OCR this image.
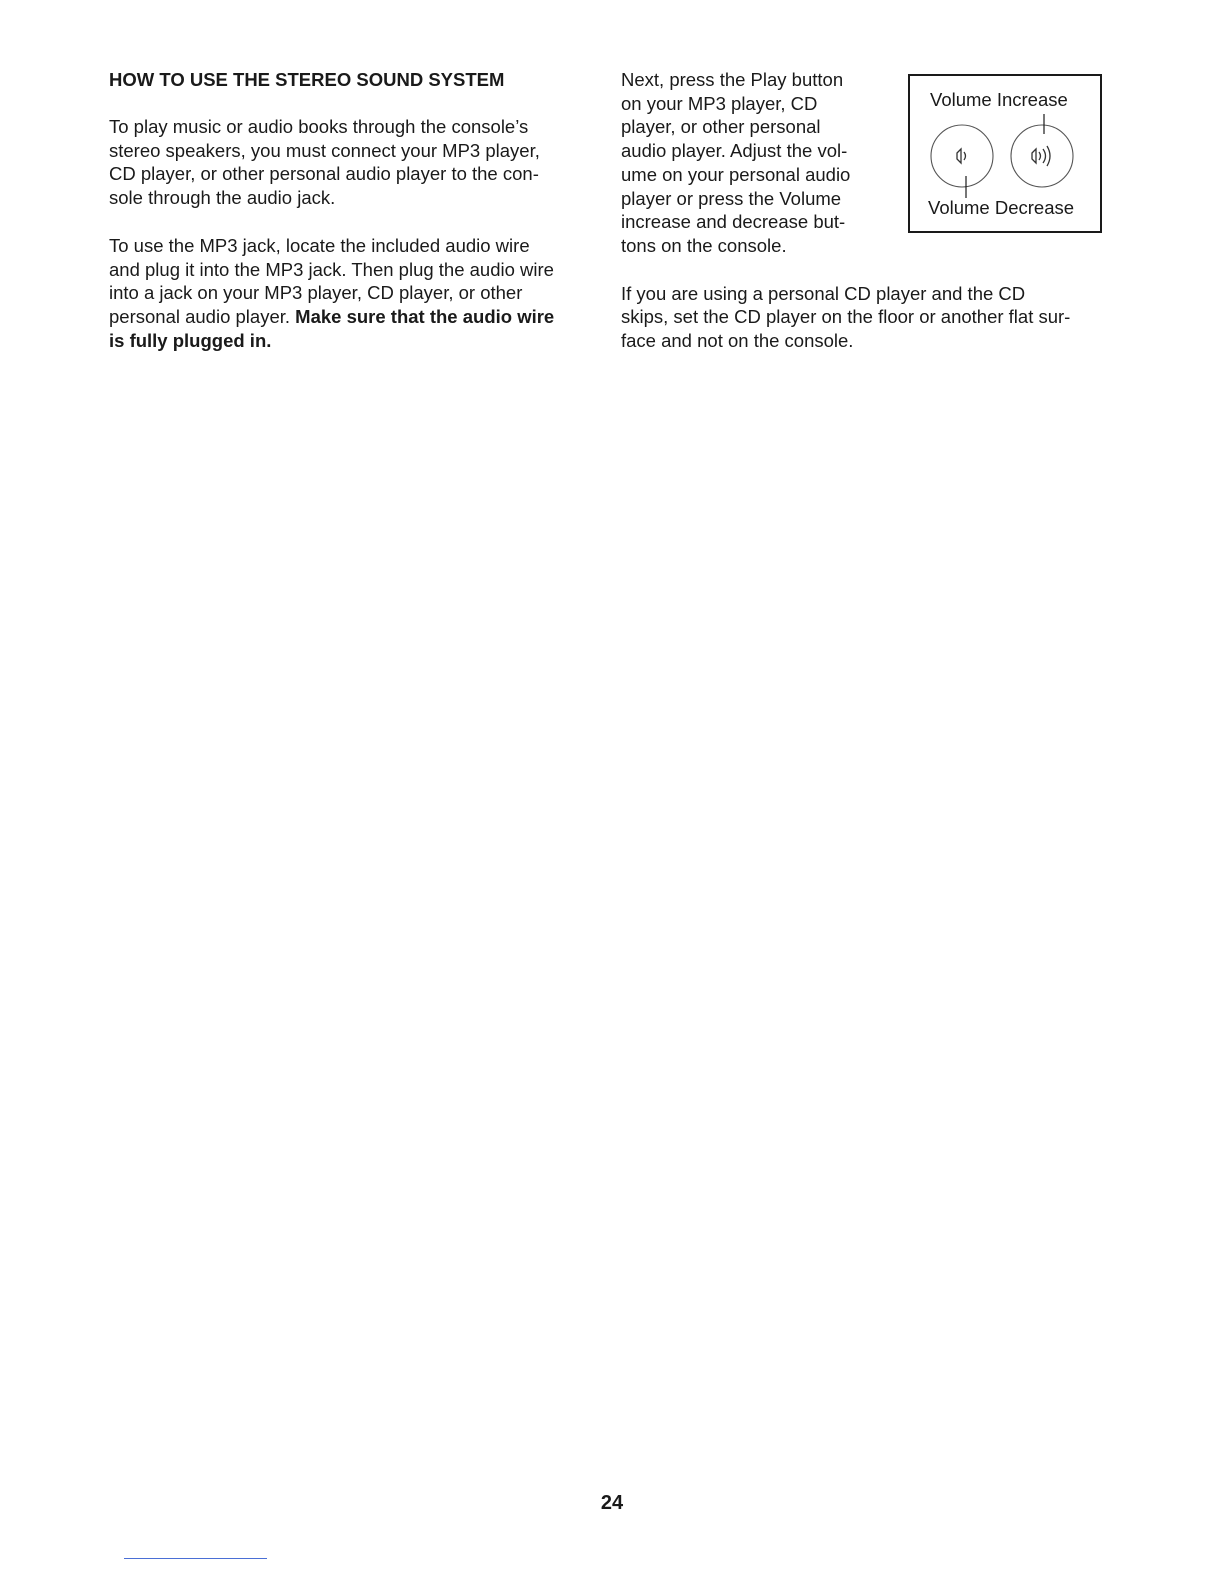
HOW TO USE THE STEREO SOUND SYSTEM
To play music or audio books through the console’s
stereo speakers, you must connect your MP3 player,
CD player, or other personal audio player to the con-
sole through the audio jack.
To use the MP3 jack, locate the included audio wire
and plug it into the MP3 jack. Then plug the audio wire
into a jack on your MP3 player, CD player, or other
personal audio player. Make sure that the audio wire
is fully plugged in.
Next, press the Play button
on your MP3 player, CD
player, or other personal
audio player. Adjust the vol-
ume on your personal audio
player or press the Volume
increase and decrease but-
tons on the console.
If you are using a personal CD player and the CD
skips, set the CD player on the floor or another flat sur-
face and not on the console.
Volume Increase
Volume Decrease
24
